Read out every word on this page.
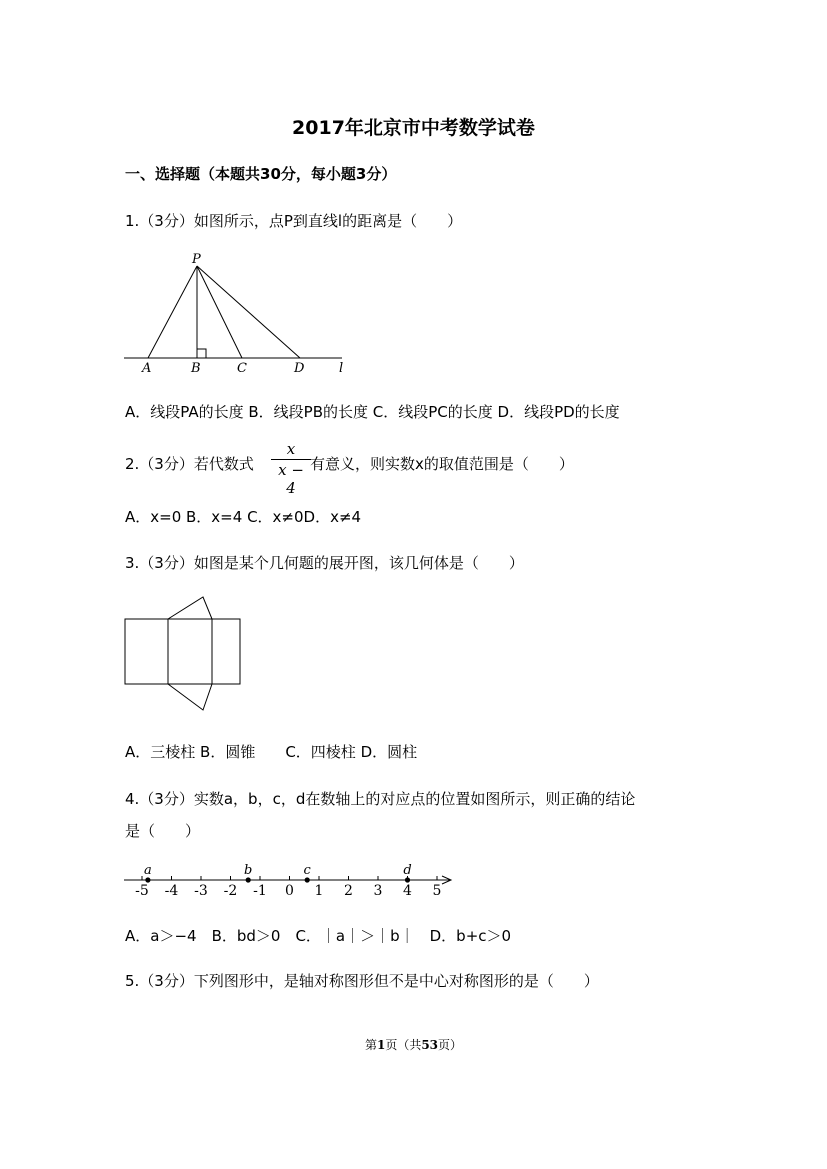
2017年北京市中考数学试卷
一、选择题（本题共30分，每小题3分）
1.（3分）如图所示，点P到直线l的距离是（　　）
P
A	B	C	D	l
A．线段PA的长度 B．线段PB的长度 C．线段PC的长度 D．线段PD的长度
2.（3分）若代数式
x
x − 4
有意义，则实数x的取值范围是（　　）
A．x=0 B．x=4 C．x≠0D．x≠4
3.（3分）如图是某个几何题的展开图，该几何体是（　　）
A．三棱柱 B．圆锥　　C．四棱柱 D．圆柱
4.（3分）实数a，b，c，d在数轴上的对应点的位置如图所示，则正确的结论
是（　　）
-5 -4 -3 -2 -1 0 1 2 3 4 5
a	b	c	d
A．a＞−4　B．bd＞0　C．｜a｜＞｜b｜　D．b+c＞0
5.（3分）下列图形中，是轴对称图形但不是中心对称图形的是（　　）
第1页（共53页）
